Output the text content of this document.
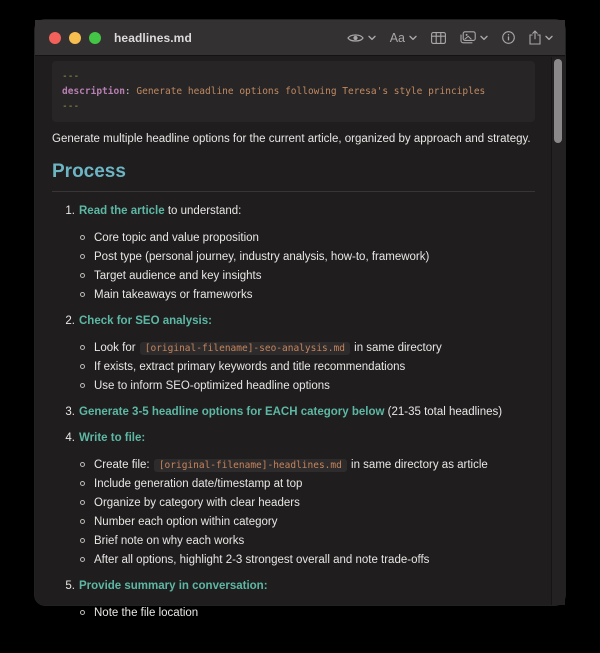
headlines.md	Aa
---
description: Generate headline options following Teresa's style principles
---

Generate multiple headline options for the current article, organized by approach and strategy.

Process
1. Read the article to understand:
Core topic and value proposition
Post type (personal journey, industry analysis, how-to, framework)
Target audience and key insights
Main takeaways or frameworks
2. Check for SEO analysis:
Look for [original-filename]-seo-analysis.md in same directory
If exists, extract primary keywords and title recommendations
Use to inform SEO-optimized headline options
3. Generate 3-5 headline options for EACH category below (21-35 total headlines)
4. Write to file:
Create file: [original-filename]-headlines.md in same directory as article
Include generation date/timestamp at top
Organize by category with clear headers
Number each option within category
Brief note on why each works
After all options, highlight 2-3 strongest overall and note trade-offs
5. Provide summary in conversation:
Note the file location
